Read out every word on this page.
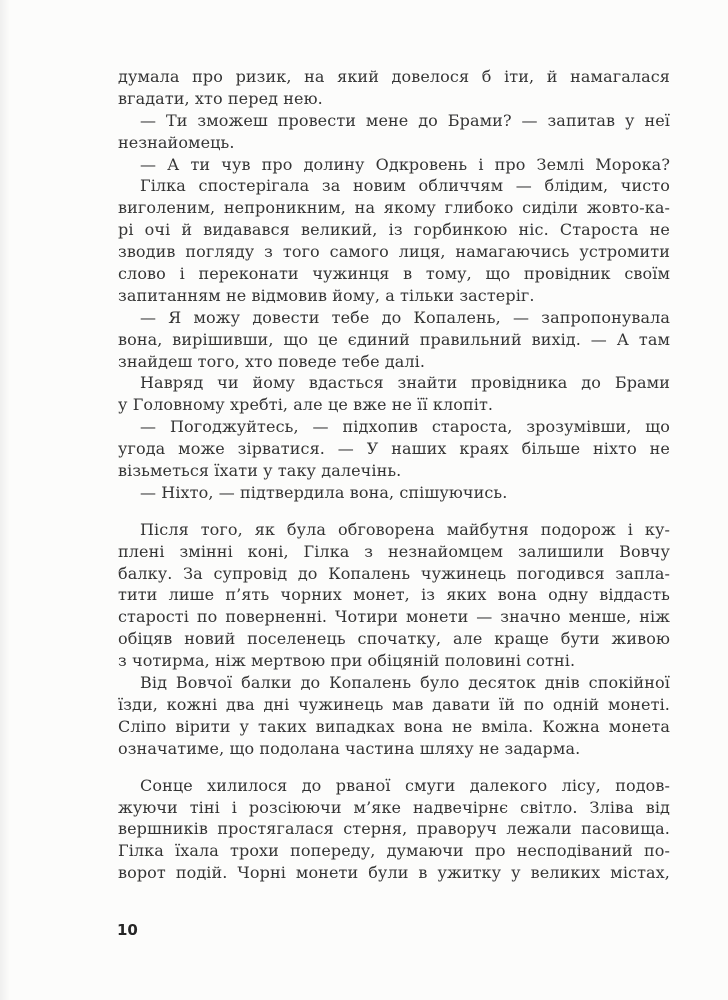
думала про ризик, на який довелося б іти, й намагалася
вгадати, хто перед нею.
— Ти зможеш провести мене до Брами? — запитав у неї
незнайомець.
— А ти чув про долину Одкровень і про Землі Морока?
Гілка спостерігала за новим обличчям — блідим, чисто
виголеним, непроникним, на якому глибоко сиділи жовто-ка-
рі очі й видавався великий, із горбинкою ніс. Староста не
зводив погляду з того самого лиця, намагаючись устромити
слово і переконати чужинця в тому, що провідник своїм
запитанням не відмовив йому, а тільки застеріг.
— Я можу довести тебе до Копалень, — запропонувала
вона, вирішивши, що це єдиний правильний вихід. — А там
знайдеш того, хто поведе тебе далі.
Навряд чи йому вдасться знайти провідника до Брами
у Головному хребті, але це вже не її клопіт.
— Погоджуйтесь, — підхопив староста, зрозумівши, що
угода може зірватися. — У наших краях більше ніхто не
візьметься їхати у таку далечінь.
— Ніхто, — підтвердила вона, спішуючись.
Після того, як була обговорена майбутня подорож і ку-
плені змінні коні, Гілка з незнайомцем залишили Вовчу
балку. За супровід до Копалень чужинець погодився запла-
тити лише п’ять чорних монет, із яких вона одну віддасть
старості по поверненні. Чотири монети — значно менше, ніж
обіцяв новий поселенець спочатку, але краще бути живою
з чотирма, ніж мертвою при обіцяній половині сотні.
Від Вовчої балки до Копалень було десяток днів спокійної
їзди, кожні два дні чужинець мав давати їй по одній монеті.
Сліпо вірити у таких випадках вона не вміла. Кожна монета
означатиме, що подолана частина шляху не задарма.
Сонце хилилося до рваної смуги далекого лісу, подов-
жуючи тіні і розсіюючи м’яке надвечірнє світло. Зліва від
вершників простягалася стерня, праворуч лежали пасовища.
Гілка їхала трохи попереду, думаючи про несподіваний по-
ворот подій. Чорні монети були в ужитку у великих містах,
10
